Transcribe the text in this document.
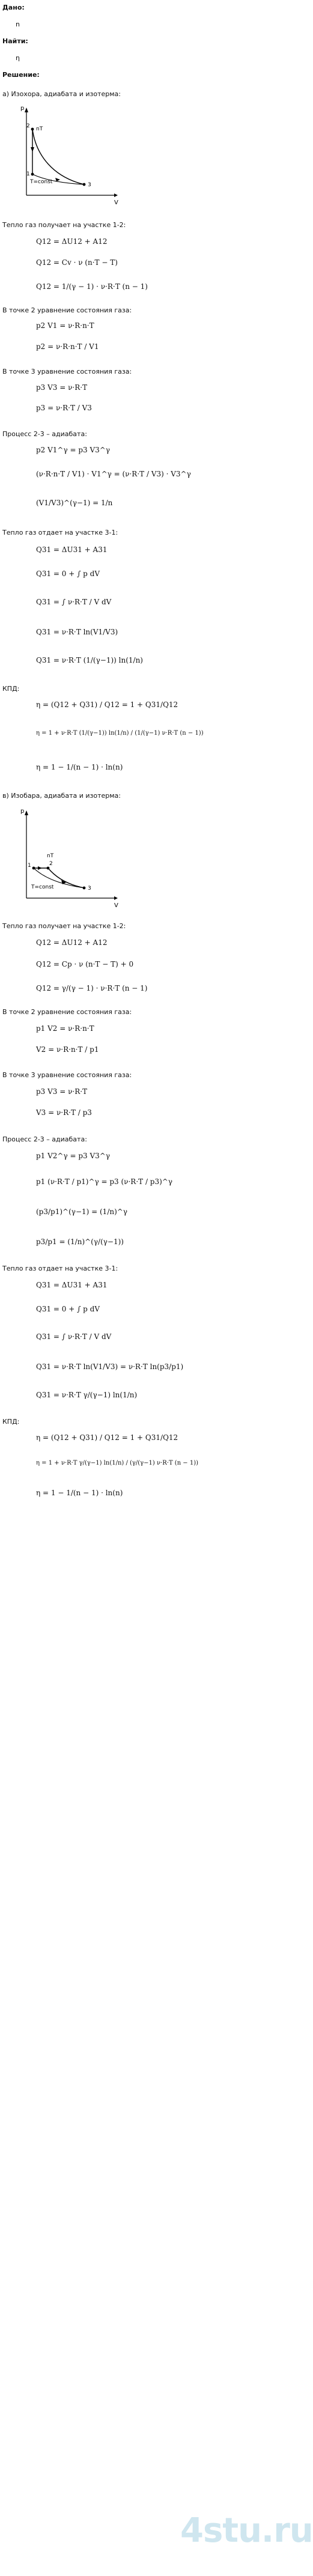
Дано:
n
Найти:
η
Решение:
а) Изохора, адиабата и изотерма:
p
V
2
1
3
nT
T=const
Тепло газ получает на участке 1-2:
Q12 = ΔU12 + A12
Q12 = Cv · ν (n·T − T)
Q12 = 1/(γ − 1) · ν·R·T (n − 1)
В точке 2 уравнение состояния газа:
p2 V1 = ν·R·n·T
p2 = ν·R·n·T / V1
В точке 3 уравнение состояния газа:
p3 V3 = ν·R·T
p3 = ν·R·T / V3
Процесс 2-3 – адиабата:
p2 V1^γ = p3 V3^γ
(ν·R·n·T / V1) · V1^γ = (ν·R·T / V3) · V3^γ
(V1/V3)^(γ−1) = 1/n
Тепло газ отдает на участке 3-1:
Q31 = ΔU31 + A31
Q31 = 0 + ∫ p dV
Q31 = ∫ ν·R·T / V dV
Q31 = ν·R·T ln(V1/V3)
Q31 = ν·R·T (1/(γ−1)) ln(1/n)
КПД:
η = (Q12 + Q31) / Q12 = 1 + Q31/Q12
η = 1 + ν·R·T (1/(γ−1)) ln(1/n) / (1/(γ−1) ν·R·T (n − 1))
η = 1 − 1/(n − 1) · ln(n)
в) Изобара, адиабата и изотерма:
p
V
1	2
3
nT
T=const
Тепло газ получает на участке 1-2:
Q12 = ΔU12 + A12
Q12 = Cp · ν (n·T − T) + 0
Q12 = γ/(γ − 1) · ν·R·T (n − 1)
В точке 2 уравнение состояния газа:
p1 V2 = ν·R·n·T
V2 = ν·R·n·T / p1
В точке 3 уравнение состояния газа:
p3 V3 = ν·R·T
V3 = ν·R·T / p3
Процесс 2-3 – адиабата:
p1 V2^γ = p3 V3^γ
p1 (ν·R·T / p1)^γ = p3 (ν·R·T / p3)^γ
(p3/p1)^(γ−1) = (1/n)^γ
p3/p1 = (1/n)^(γ/(γ−1))
Тепло газ отдает на участке 3-1:
Q31 = ΔU31 + A31
Q31 = 0 + ∫ p dV
Q31 = ∫ ν·R·T / V dV
Q31 = ν·R·T ln(V1/V3) = ν·R·T ln(p3/p1)
Q31 = ν·R·T γ/(γ−1) ln(1/n)
КПД:
η = (Q12 + Q31) / Q12 = 1 + Q31/Q12
η = 1 + ν·R·T γ/(γ−1) ln(1/n) / (γ/(γ−1) ν·R·T (n − 1))
η = 1 − 1/(n − 1) · ln(n)
4stu.ru
